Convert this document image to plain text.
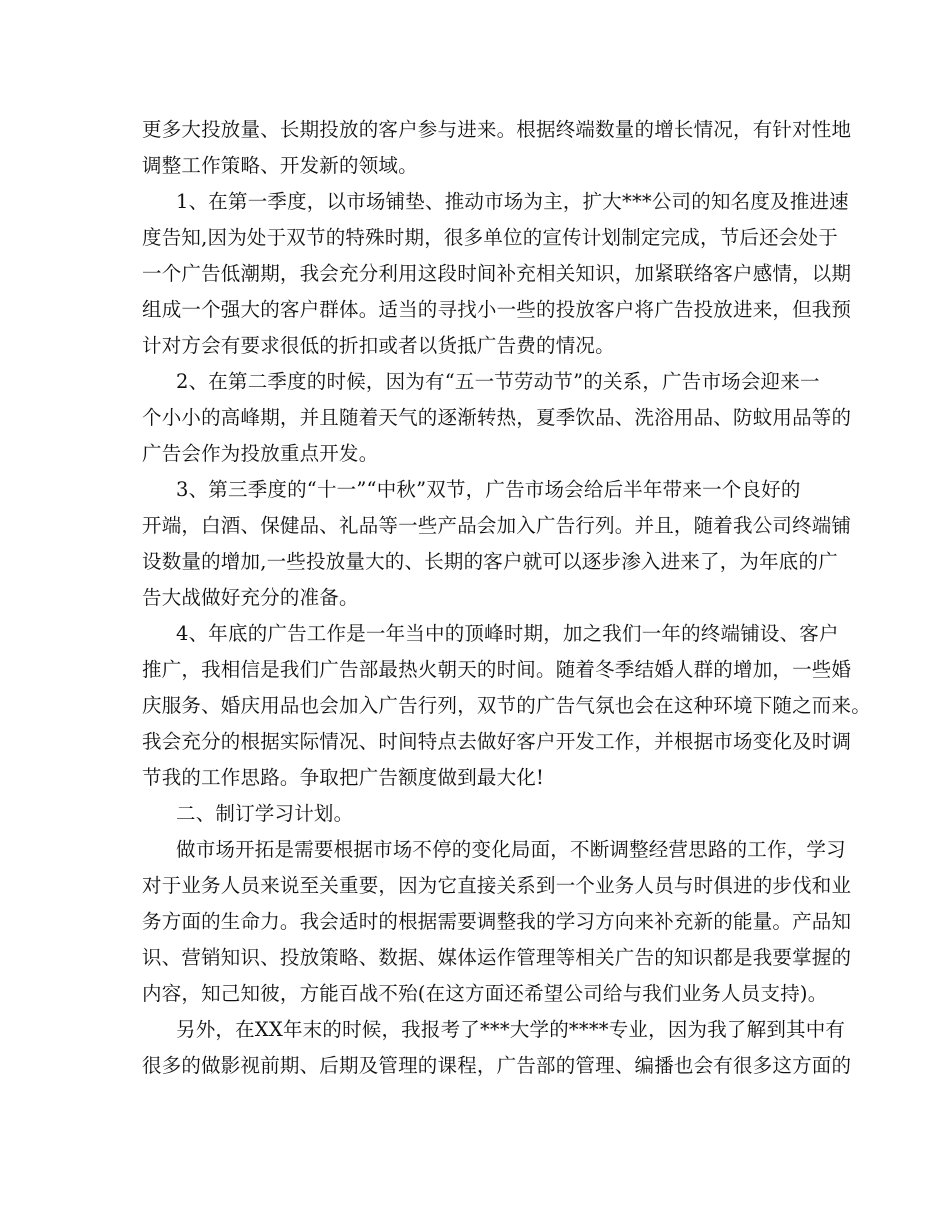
更多大投放量、长期投放的客户参与进来。根据终端数量的增长情况，有针对性地
调整工作策略、开发新的领域。
1、在第一季度，以市场铺垫、推动市场为主，扩大***公司的知名度及推进速
度告知,因为处于双节的特殊时期，很多单位的宣传计划制定完成，节后还会处于
一个广告低潮期，我会充分利用这段时间补充相关知识，加紧联络客户感情，以期
组成一个强大的客户群体。适当的寻找小一些的投放客户将广告投放进来，但我预
计对方会有要求很低的折扣或者以货抵广告费的情况。
2、在第二季度的时候，因为有“五一节劳动节”的关系，广告市场会迎来一
个小小的高峰期，并且随着天气的逐渐转热，夏季饮品、洗浴用品、防蚊用品等的
广告会作为投放重点开发。
3、第三季度的“十一”“中秋”双节，广告市场会给后半年带来一个良好的
开端，白酒、保健品、礼品等一些产品会加入广告行列。并且，随着我公司终端铺
设数量的增加,一些投放量大的、长期的客户就可以逐步渗入进来了，为年底的广
告大战做好充分的准备。
4、年底的广告工作是一年当中的顶峰时期，加之我们一年的终端铺设、客户
推广，我相信是我们广告部最热火朝天的时间。随着冬季结婚人群的增加，一些婚
庆服务、婚庆用品也会加入广告行列，双节的广告气氛也会在这种环境下随之而来。
我会充分的根据实际情况、时间特点去做好客户开发工作，并根据市场变化及时调
节我的工作思路。争取把广告额度做到最大化!
二、制订学习计划。
做市场开拓是需要根据市场不停的变化局面，不断调整经营思路的工作，学习
对于业务人员来说至关重要，因为它直接关系到一个业务人员与时俱进的步伐和业
务方面的生命力。我会适时的根据需要调整我的学习方向来补充新的能量。产品知
识、营销知识、投放策略、数据、媒体运作管理等相关广告的知识都是我要掌握的
内容，知己知彼，方能百战不殆(在这方面还希望公司给与我们业务人员支持)。
另外，在XX年末的时候，我报考了***大学的****专业，因为我了解到其中有
很多的做影视前期、后期及管理的课程，广告部的管理、编播也会有很多这方面的
